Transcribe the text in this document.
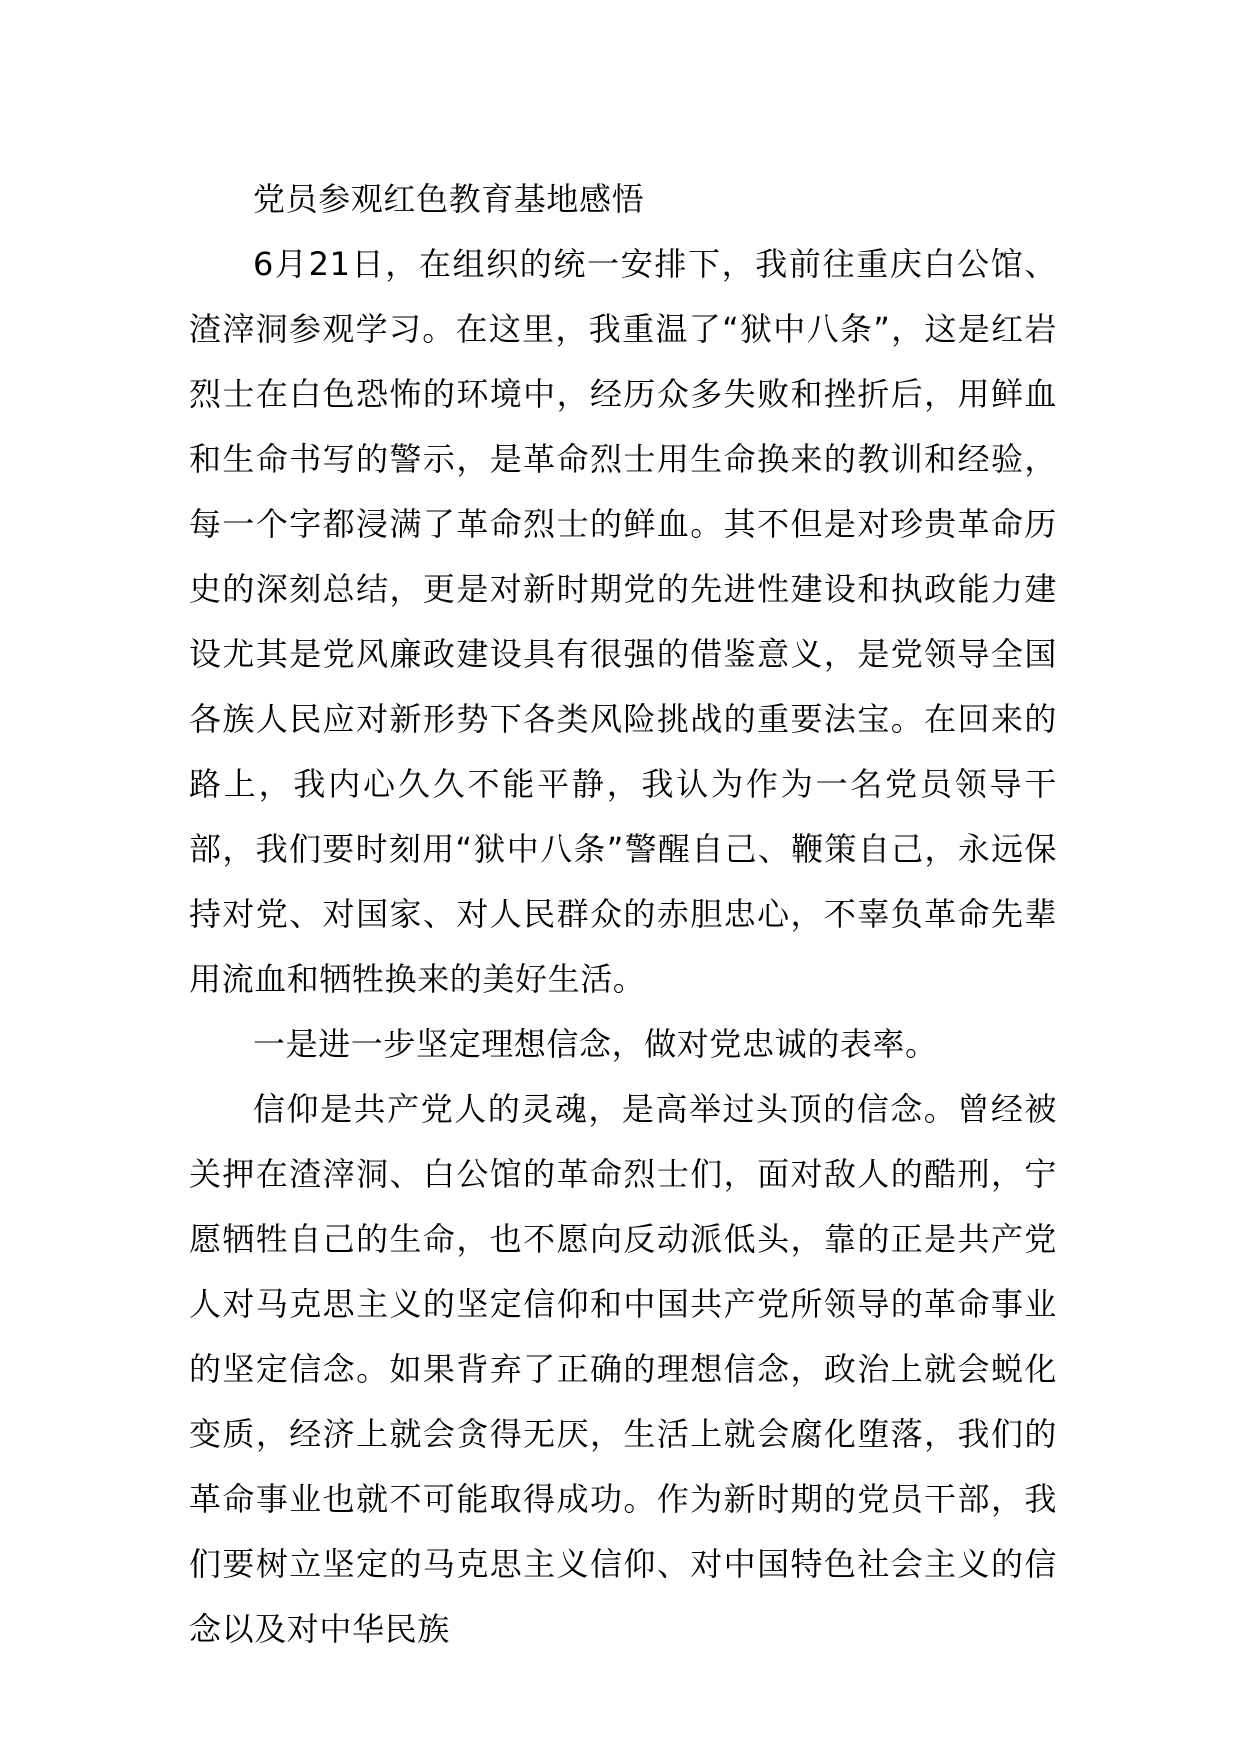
党员参观红色教育基地感悟

6月21日，在组织的统一安排下，我前往重庆白公馆、渣滓洞参观学习。在这里，我重温了“狱中八条”，这是红岩烈士在白色恐怖的环境中，经历众多失败和挫折后，用鲜血和生命书写的警示，是革命烈士用生命换来的教训和经验，每一个字都浸满了革命烈士的鲜血。其不但是对珍贵革命历史的深刻总结，更是对新时期党的先进性建设和执政能力建设尤其是党风廉政建设具有很强的借鉴意义，是党领导全国各族人民应对新形势下各类风险挑战的重要法宝。在回来的路上，我内心久久不能平静，我认为作为一名党员领导干部，我们要时刻用“狱中八条”警醒自己、鞭策自己，永远保持对党、对国家、对人民群众的赤胆忠心，不辜负革命先辈用流血和牺牲换来的美好生活。

一是进一步坚定理想信念，做对党忠诚的表率。

信仰是共产党人的灵魂，是高举过头顶的信念。曾经被关押在渣滓洞、白公馆的革命烈士们，面对敌人的酷刑，宁愿牺牲自己的生命，也不愿向反动派低头，靠的正是共产党人对马克思主义的坚定信仰和中国共产党所领导的革命事业的坚定信念。如果背弃了正确的理想信念，政治上就会蜕化变质，经济上就会贪得无厌，生活上就会腐化堕落，我们的革命事业也就不可能取得成功。作为新时期的党员干部，我们要树立坚定的马克思主义信仰、对中国特色社会主义的信念以及对中华民族
